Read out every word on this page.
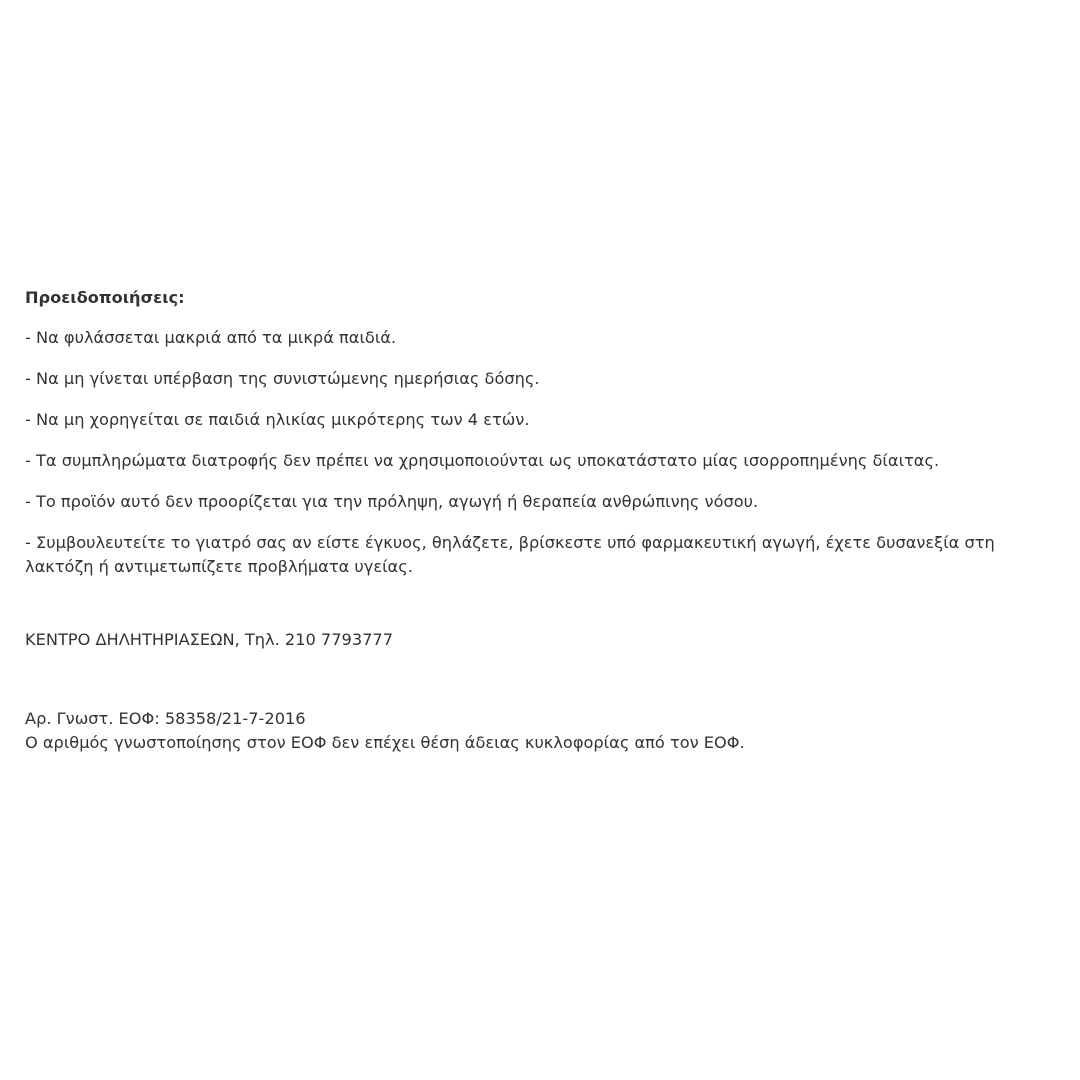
Προειδοποιήσεις:
- Να φυλάσσεται μακριά από τα μικρά παιδιά.
- Να μη γίνεται υπέρβαση της συνιστώμενης ημερήσιας δόσης.
- Να μη χορηγείται σε παιδιά ηλικίας μικρότερης των 4 ετών.
- Τα συμπληρώματα διατροφής δεν πρέπει να χρησιμοποιούνται ως υποκατάστατο μίας ισορροπημένης δίαιτας.
- Το προϊόν αυτό δεν προορίζεται για την πρόληψη, αγωγή ή θεραπεία ανθρώπινης νόσου.
- Συμβουλευτείτε το γιατρό σας αν είστε έγκυος, θηλάζετε, βρίσκεστε υπό φαρμακευτική αγωγή, έχετε δυσανεξία στη
λακτόζη ή αντιμετωπίζετε προβλήματα υγείας.
ΚΕΝΤΡΟ ΔΗΛΗΤΗΡΙΑΣΕΩΝ, Τηλ. 210 7793777
Αρ. Γνωστ. ΕΟΦ: 58358/21-7-2016
Ο αριθμός γνωστοποίησης στον ΕΟΦ δεν επέχει θέση άδειας κυκλοφορίας από τον ΕΟΦ.
